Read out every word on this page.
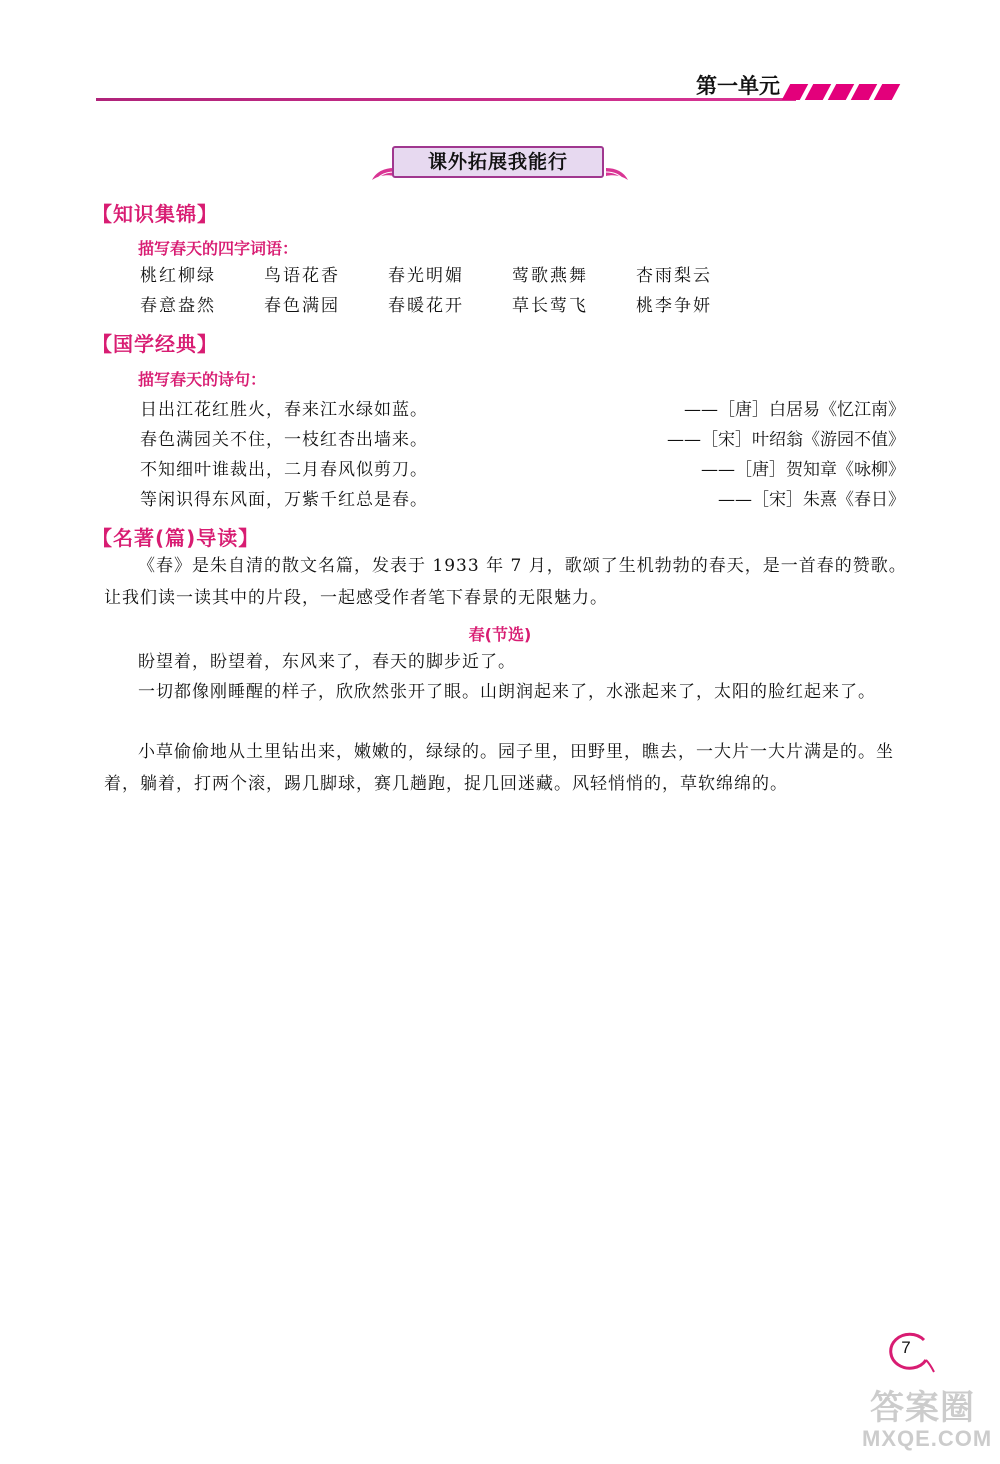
第一单元
课外拓展我能行
【知识集锦】
描写春天的四字词语：
桃红柳绿	鸟语花香	春光明媚	莺歌燕舞	杏雨梨云
春意盎然	春色满园	春暖花开	草长莺飞	桃李争妍
【国学经典】
描写春天的诗句：
日出江花红胜火，春来江水绿如蓝。	——［唐］白居易《忆江南》
春色满园关不住，一枝红杏出墙来。	——［宋］叶绍翁《游园不值》
不知细叶谁裁出，二月春风似剪刀。	——［唐］贺知章《咏柳》
等闲识得东风面，万紫千红总是春。	——［宋］朱熹《春日》
【名著(篇)导读】
《春》是朱自清的散文名篇，发表于 1933 年 7 月，歌颂了生机勃勃的春天，是一首春的赞歌。让我们读一读其中的片段，一起感受作者笔下春景的无限魅力。
春(节选)
盼望着，盼望着，东风来了，春天的脚步近了。
一切都像刚睡醒的样子，欣欣然张开了眼。山朗润起来了，水涨起来了，太阳的脸红起来了。
小草偷偷地从土里钻出来，嫩嫩的，绿绿的。园子里，田野里，瞧去，一大片一大片满是的。坐着，躺着，打两个滚，踢几脚球，赛几趟跑，捉几回迷藏。风轻悄悄的，草软绵绵的。
7
答案圈
MXQE.COM
